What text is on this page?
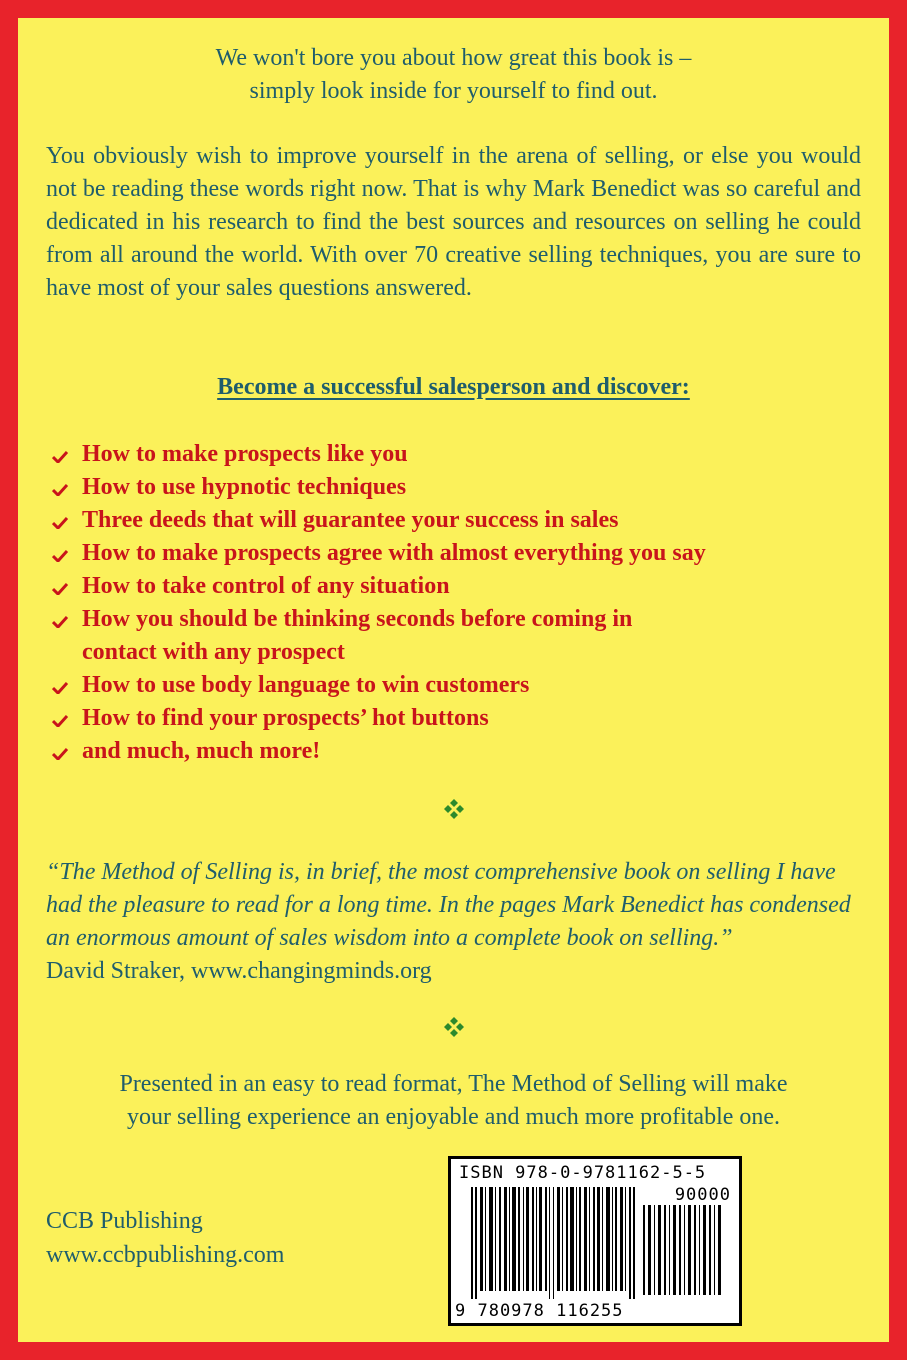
We won't bore you about how great this book is –
simply look inside for yourself to find out.
You obviously wish to improve yourself in the arena of selling, or else you would not be reading these words right now. That is why Mark Benedict was so careful and dedicated in his research to find the best sources and resources on selling he could from all around the world. With over 70 creative selling techniques, you are sure to have most of your sales questions answered.
Become a successful salesperson and discover:
How to make prospects like you
How to use hypnotic techniques
Three deeds that will guarantee your success in sales
How to make prospects agree with almost everything you say
How to take control of any situation
How you should be thinking seconds before coming in contact with any prospect
How to use body language to win customers
How to find your prospects’ hot buttons
and much, much more!
“The Method of Selling is, in brief, the most comprehensive book on selling I have had the pleasure to read for a long time. In the pages Mark Benedict has condensed an enormous amount of sales wisdom into a complete book on selling.”
David Straker, www.changingminds.org
Presented in an easy to read format, The Method of Selling will make
your selling experience an enjoyable and much more profitable one.
CCB Publishing
www.ccbpublishing.com
ISBN 978-0-9781162-5-5
90000
9 780978 116255
